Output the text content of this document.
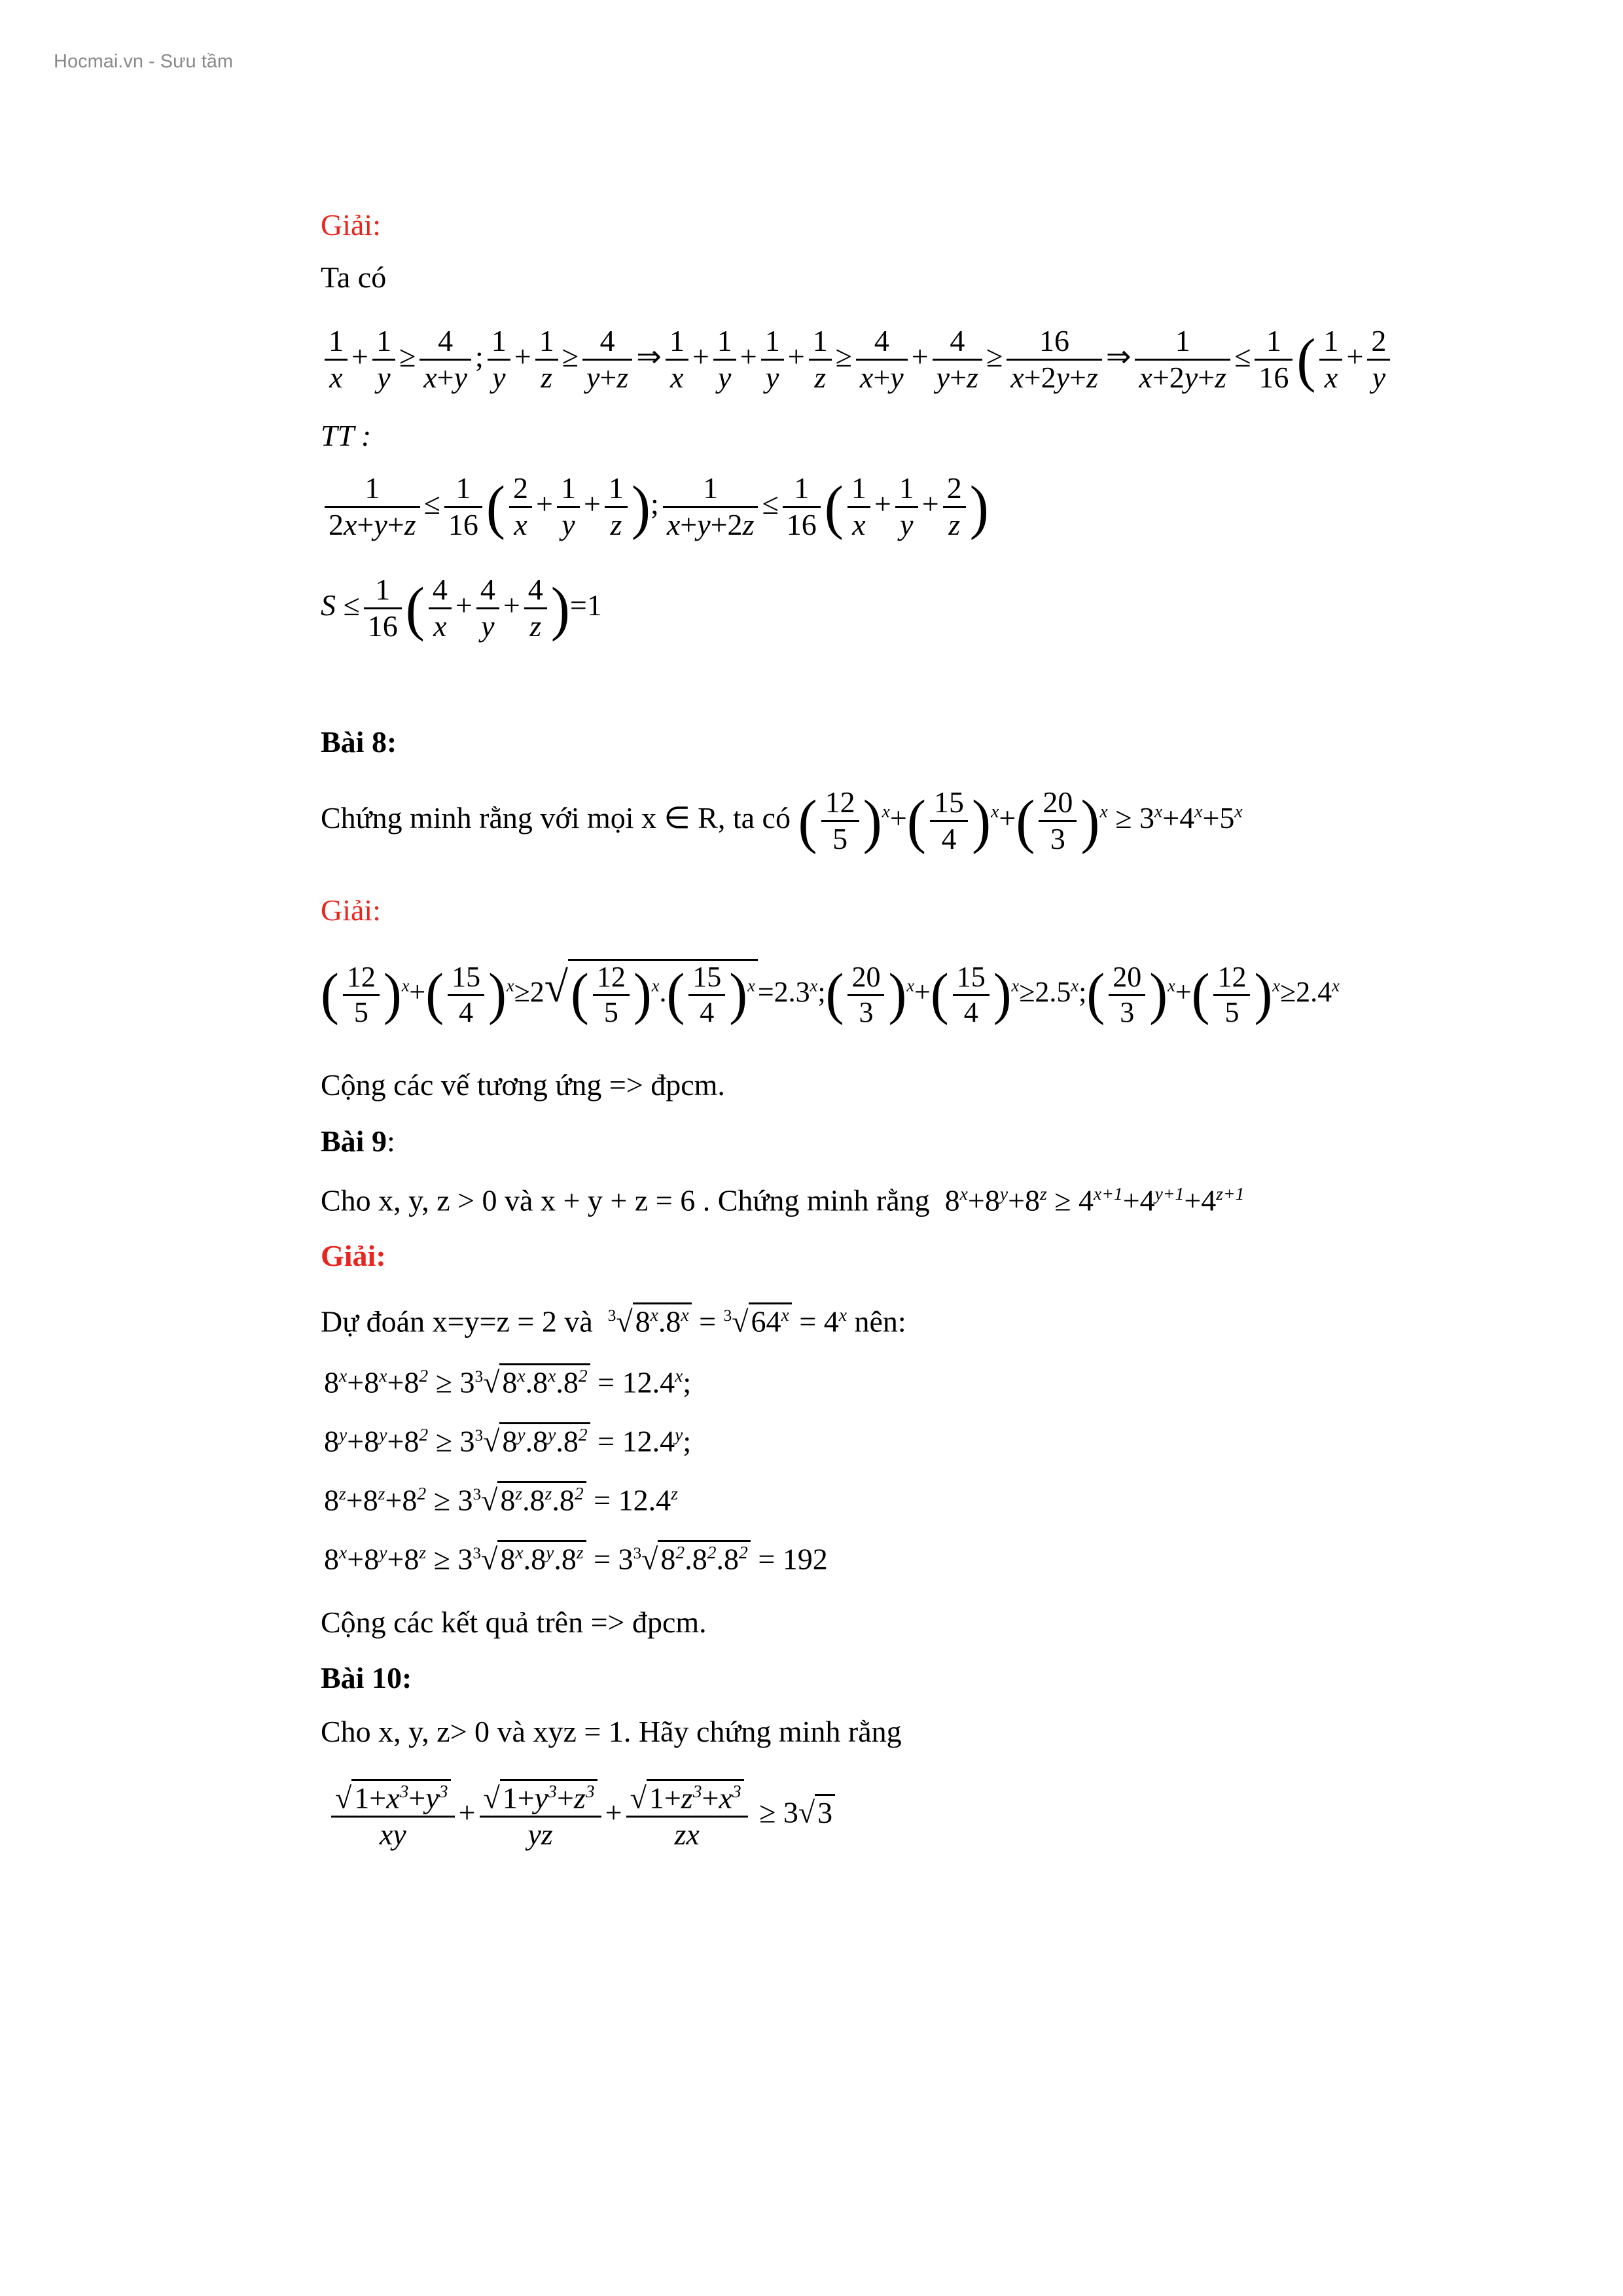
Hocmai.vn - Sưu tầm
Giải:
Ta có
$\frac{1}{x} + \frac{1}{y} \ge \frac{4}{x+y}$ ; $\frac{1}{y} + \frac{1}{z} \ge \frac{4}{y+z}$ ⇒ $\frac{1}{x} + \frac{1}{y} + \frac{1}{y} + \frac{1}{z} \ge \frac{4}{x+y} + \frac{4}{y+z} \ge \frac{16}{x+2y+z}$ ⇒ $\frac{1}{x+2y+z} \le \frac{1}{16}$ ( $\frac{1}{x} + \frac{2}{y}$
TT :
$\frac{1}{2x+y+z} \le \frac{1}{16}$ ( $\frac{2}{x} + \frac{1}{y} + \frac{1}{z}$ ); $\frac{1}{x+y+2z} \le \frac{1}{16}$ ( $\frac{1}{x} + \frac{1}{y} + \frac{2}{z}$ )
$S \le \frac{1}{16}$ ( $\frac{4}{x} + \frac{4}{y} + \frac{4}{z} )=1$
Bài 8:
Chứng minh rằng với mọi x ∈ R, ta có ( $\frac{12}{5} )^x+( \frac{15}{4} )^x+( \frac{20}{3} )^x \ge 3^x+4^x+5^x$
Giải:
( $\frac{12}{5} )^x+( \frac{15}{4} )^x\ge 2√( \frac{12}{5} )^x.( \frac{15}{4}$ )$^x=2.3^x;( \frac{20}{3} )^x+( \frac{15}{4}$ )$^x\ge 2.5^x;( \frac{20}{3} )^x+( \frac{12}{5} )^x\ge 2.4^x$
Cộng các vế tương ứng => đpcm.
Bài 9:
Cho x, y, z > 0 và x + y + z = 6 . Chứng minh rằng
$8^x+8^y+8^z \ge 4^{x+1}+4^{y+1}+4^{z+1}$
Giải:
Dự đoán x=y=z = 2 và $^3√8^x.8^x = ^3√64^x = 4^x$ nên:
$8^x+8^x+8^2 \ge 3^3√8^x.8^x.8^2 = 12.4^x$;
$8^y+8^y+8^2 \ge 3^3√8^y.8^y.8^2 = 12.4^y$;
$8^z+8^z+8^2 \ge 3^3√8^z.8^z.8^2 = 12.4^z$
$8^x+8^y+8^z \ge 3^3√8^x.8^y.8^z = 3^3√8^2.8^2.8^2 = 192$
Cộng các kết quả trên => đpcm.
Bài 10:
Cho x, y, z> 0 và xyz = 1. Hãy chứng minh rằng
$\frac{√1+x^3+y^3}{xy} + \frac{√1+y^3+z^3}{yz} + \frac{√1+z^3+x^3}{zx} \ge 3√3$
